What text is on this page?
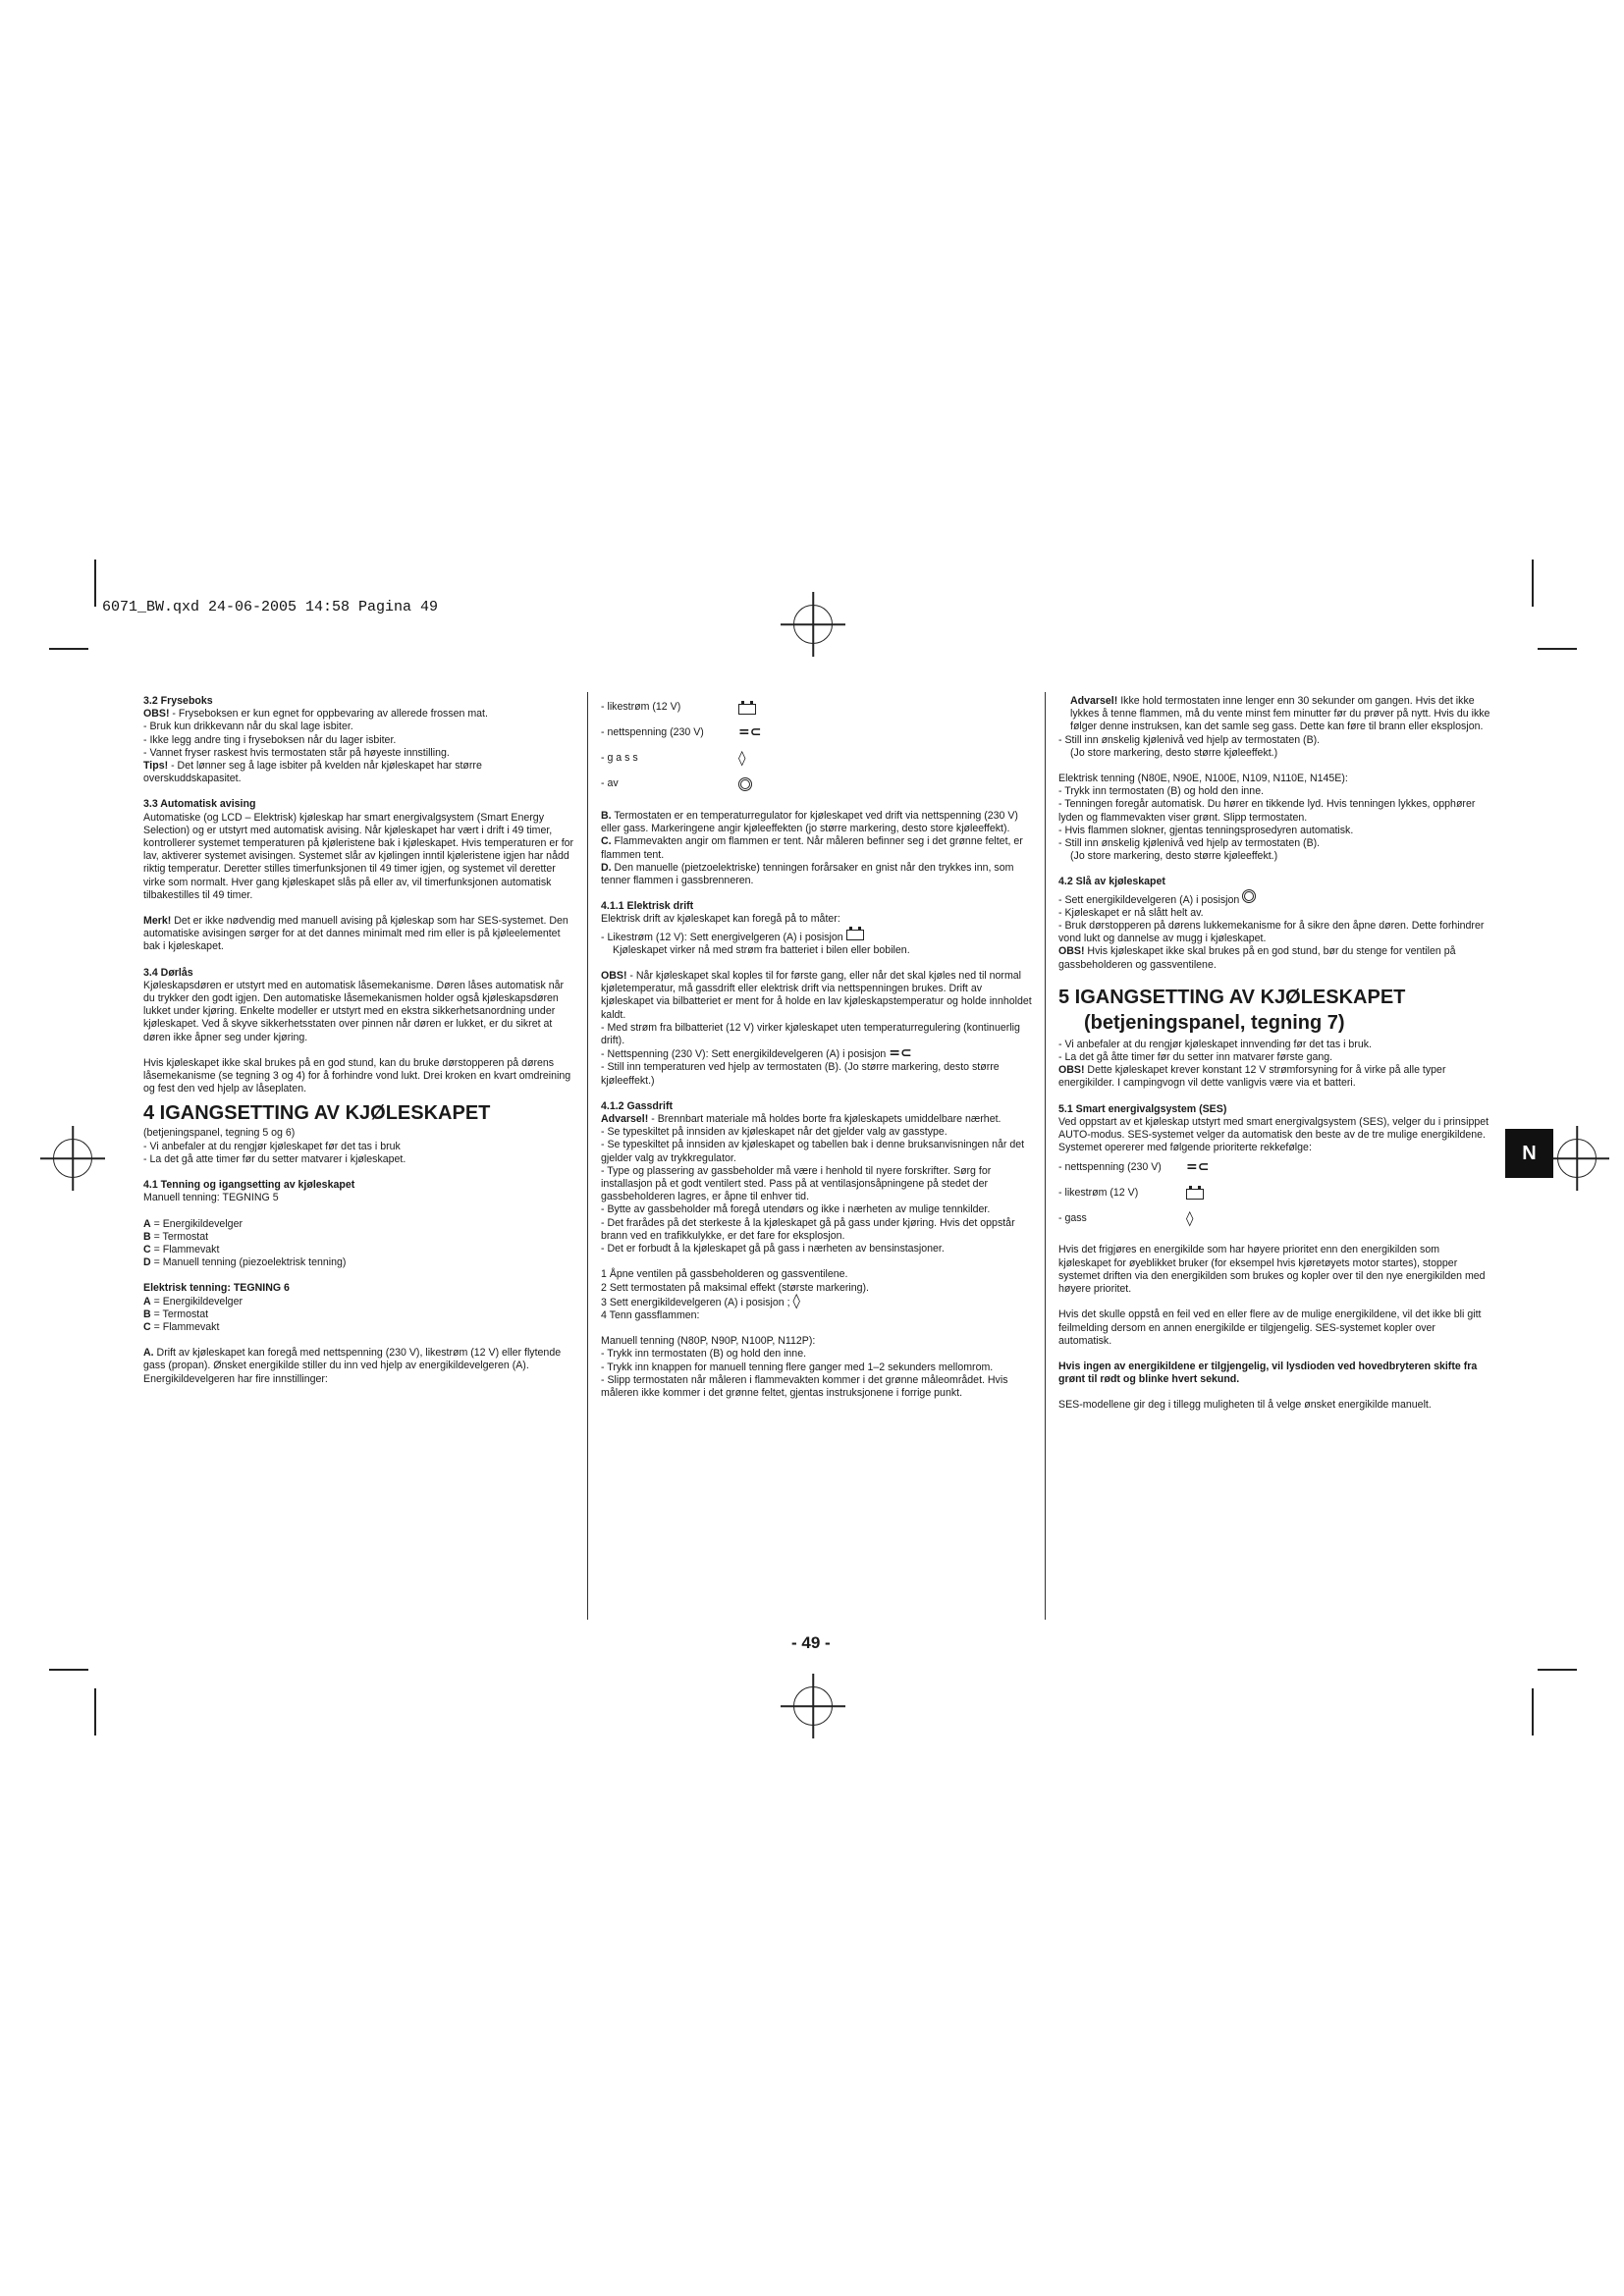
6071_BW.qxd 24-06-2005 14:58 Pagina 49

3.2 Fryseboks

OBS! - Fryseboksen er kun egnet for oppbevaring av allerede frossen mat.

- Bruk kun drikkevann når du skal lage isbiter.

- Ikke legg andre ting i fryseboksen når du lager isbiter.

- Vannet fryser raskest hvis termostaten står på høyeste innstilling.

Tips! - Det lønner seg å lage isbiter på kvelden når kjøleskapet har større overskuddskapasitet.

3.3 Automatisk avising

Automatiske (og LCD – Elektrisk) kjøleskap har smart energivalgsystem (Smart Energy Selection) og er utstyrt med automatisk avising. Når kjøleskapet har vært i drift i 49 timer, kontrollerer systemet temperaturen på kjøleristene bak i kjøleskapet. Hvis temperaturen er for lav, aktiverer systemet avisingen. Systemet slår av kjølingen inntil kjøleristene igjen har nådd riktig temperatur. Deretter stilles timerfunksjonen til 49 timer igjen, og systemet vil deretter virke som normalt. Hver gang kjøleskapet slås på eller av, vil timerfunksjonen automatisk tilbakestilles til 49 timer.

Merk! Det er ikke nødvendig med manuell avising på kjøleskap som har SES-systemet. Den automatiske avisingen sørger for at det dannes minimalt med rim eller is på kjøleelementet bak i kjøleskapet.

3.4 Dørlås

Kjøleskapsdøren er utstyrt med en automatisk låsemekanisme. Døren låses automatisk når du trykker den godt igjen. Den automatiske låsemekanismen holder også kjøleskapsdøren lukket under kjøring. Enkelte modeller er utstyrt med en ekstra sikkerhetsanordning under kjøleskapet. Ved å skyve sikkerhetsstaten over pinnen når døren er lukket, er du sikret at døren ikke åpner seg under kjøring.

Hvis kjøleskapet ikke skal brukes på en god stund, kan du bruke dørstopperen på dørens låsemekanisme (se tegning 3 og 4) for å forhindre vond lukt. Drei kroken en kvart omdreining og fest den ved hjelp av låseplaten.

4 IGANGSETTING AV KJØLESKAPET

(betjeningspanel, tegning 5 og 6)

- Vi anbefaler at du rengjør kjøleskapet før det tas i bruk

- La det gå atte timer før du setter matvarer i kjøleskapet.

4.1 Tenning og igangsetting av kjøleskapet

Manuell tenning: TEGNING 5

A = Energikildevelger

B = Termostat

C = Flammevakt

D = Manuell tenning (piezoelektrisk tenning)

Elektrisk tenning: TEGNING 6

A = Energikildevelger

B = Termostat

C = Flammevakt

A. Drift av kjøleskapet kan foregå med nettspenning (230 V), likestrøm (12 V) eller flytende gass (propan). Ønsket energikilde stiller du inn ved hjelp av energikildevelgeren (A). Energikildevelgeren har fire innstillinger:

- likestrøm (12 V)
- nettspenning (230 V)	=⊂
- g a s s	◊
- av

B. Termostaten er en temperaturregulator for kjøleskapet ved drift via nettspenning (230 V) eller gass. Markeringene angir kjøleeffekten (jo større markering, desto store kjøleeffekt).

C. Flammevakten angir om flammen er tent. Når måleren befinner seg i det grønne feltet, er flammen tent.

D. Den manuelle (pietzoelektriske) tenningen forårsaker en gnist når den trykkes inn, som tenner flammen i gassbrenneren.

4.1.1 Elektrisk drift

Elektrisk drift av kjøleskapet kan foregå på to måter:

- Likestrøm (12 V): Sett energivelgeren (A) i posisjon

Kjøleskapet virker nå med strøm fra batteriet i bilen eller bobilen.

OBS! - Når kjøleskapet skal koples til for første gang, eller når det skal kjøles ned til normal kjøletemperatur, må gassdrift eller elektrisk drift via nettspenningen brukes. Drift av kjøleskapet via bilbatteriet er ment for å holde en lav kjøleskapstemperatur og holde innholdet kaldt.

- Med strøm fra bilbatteriet (12 V) virker kjøleskapet uten temperaturregulering (kontinuerlig drift).

- Nettspenning (230 V): Sett energikildevelgeren (A) i posisjon =⊂

- Still inn temperaturen ved hjelp av termostaten (B). (Jo større markering, desto større kjøleeffekt.)

4.1.2 Gassdrift

Advarsel! - Brennbart materiale må holdes borte fra kjøleskapets umiddelbare nærhet.

- Se typeskiltet på innsiden av kjøleskapet når det gjelder valg av gasstype.

- Se typeskiltet på innsiden av kjøleskapet og tabellen bak i denne bruksanvisningen når det gjelder valg av trykkregulator.

- Type og plassering av gassbeholder må være i henhold til nyere forskrifter. Sørg for installasjon på et godt ventilert sted. Pass på at ventilasjonsåpningene på stedet der gassbeholderen lagres, er åpne til enhver tid.

- Bytte av gassbeholder må foregå utendørs og ikke i nærheten av mulige tennkilder.

- Det frarådes på det sterkeste å la kjøleskapet gå på gass under kjøring. Hvis det oppstår brann ved en trafikkulykke, er det fare for eksplosjon.

- Det er forbudt å la kjøleskapet gå på gass i nærheten av bensinstasjoner.

1 Åpne ventilen på gassbeholderen og gassventilene.

2 Sett termostaten på maksimal effekt (største markering).

3 Sett energikildevelgeren (A) i posisjon ; ◊

4 Tenn gassflammen:

Manuell tenning (N80P, N90P, N100P, N112P):

- Trykk inn termostaten (B) og hold den inne.

- Trykk inn knappen for manuell tenning flere ganger med 1–2 sekunders mellomrom.

- Slipp termostaten når måleren i flammevakten kommer i det grønne måleområdet. Hvis måleren ikke kommer i det grønne feltet, gjentas instruksjonene i forrige punkt.

Advarsel! Ikke hold termostaten inne lenger enn 30 sekunder om gangen. Hvis det ikke lykkes å tenne flammen, må du vente minst fem minutter før du prøver på nytt. Hvis du ikke følger denne instruksen, kan det samle seg gass. Dette kan føre til brann eller eksplosjon.

- Still inn ønskelig kjølenivå ved hjelp av termostaten (B).

(Jo store markering, desto større kjøleeffekt.)

Elektrisk tenning (N80E, N90E, N100E, N109, N110E, N145E):

- Trykk inn termostaten (B) og hold den inne.

- Tenningen foregår automatisk. Du hører en tikkende lyd. Hvis tenningen lykkes, opphører lyden og flammevakten viser grønt. Slipp termostaten.

- Hvis flammen slokner, gjentas tenningsprosedyren automatisk.

- Still inn ønskelig kjølenivå ved hjelp av termostaten (B).

(Jo store markering, desto større kjøleeffekt.)

4.2 Slå av kjøleskapet

- Sett energikildevelgeren (A) i posisjon

- Kjøleskapet er nå slått helt av.

- Bruk dørstopperen på dørens lukkemekanisme for å sikre den åpne døren. Dette forhindrer vond lukt og dannelse av mugg i kjøleskapet.

OBS! Hvis kjøleskapet ikke skal brukes på en god stund, bør du stenge for ventilen på gassbeholderen og gassventilene.

5 IGANGSETTING AV KJØLESKAPET
(betjeningspanel, tegning 7)

- Vi anbefaler at du rengjør kjøleskapet innvending før det tas i bruk.

- La det gå åtte timer før du setter inn matvarer første gang.

OBS! Dette kjøleskapet krever konstant 12 V strømforsyning for å virke på alle typer energikilder. I campingvogn vil dette vanligvis være via et batteri.

5.1 Smart energivalgsystem (SES)

Ved oppstart av et kjøleskap utstyrt med smart energivalgsystem (SES), velger du i prinsippet AUTO-modus. SES-systemet velger da automatisk den beste av de tre mulige energikildene. Systemet opererer med følgende prioriterte rekkefølge:

- nettspenning (230 V)	=⊂
- likestrøm (12 V)
- gass	◊

Hvis det frigjøres en energikilde som har høyere prioritet enn den energikilden som kjøleskapet for øyeblikket bruker (for eksempel hvis kjøretøyets motor startes), stopper systemet driften via den energikilden som brukes og kopler over til den nye energikilden med høyere prioritet.

Hvis det skulle oppstå en feil ved en eller flere av de mulige energikildene, vil det ikke bli gitt feilmelding dersom en annen energikilde er tilgjengelig. SES-systemet kopler over automatisk.

Hvis ingen av energikildene er tilgjengelig, vil lysdioden ved hovedbryteren skifte fra grønt til rødt og blinke hvert sekund.

SES-modellene gir deg i tillegg muligheten til å velge ønsket energikilde manuelt.

N
- 49 -
